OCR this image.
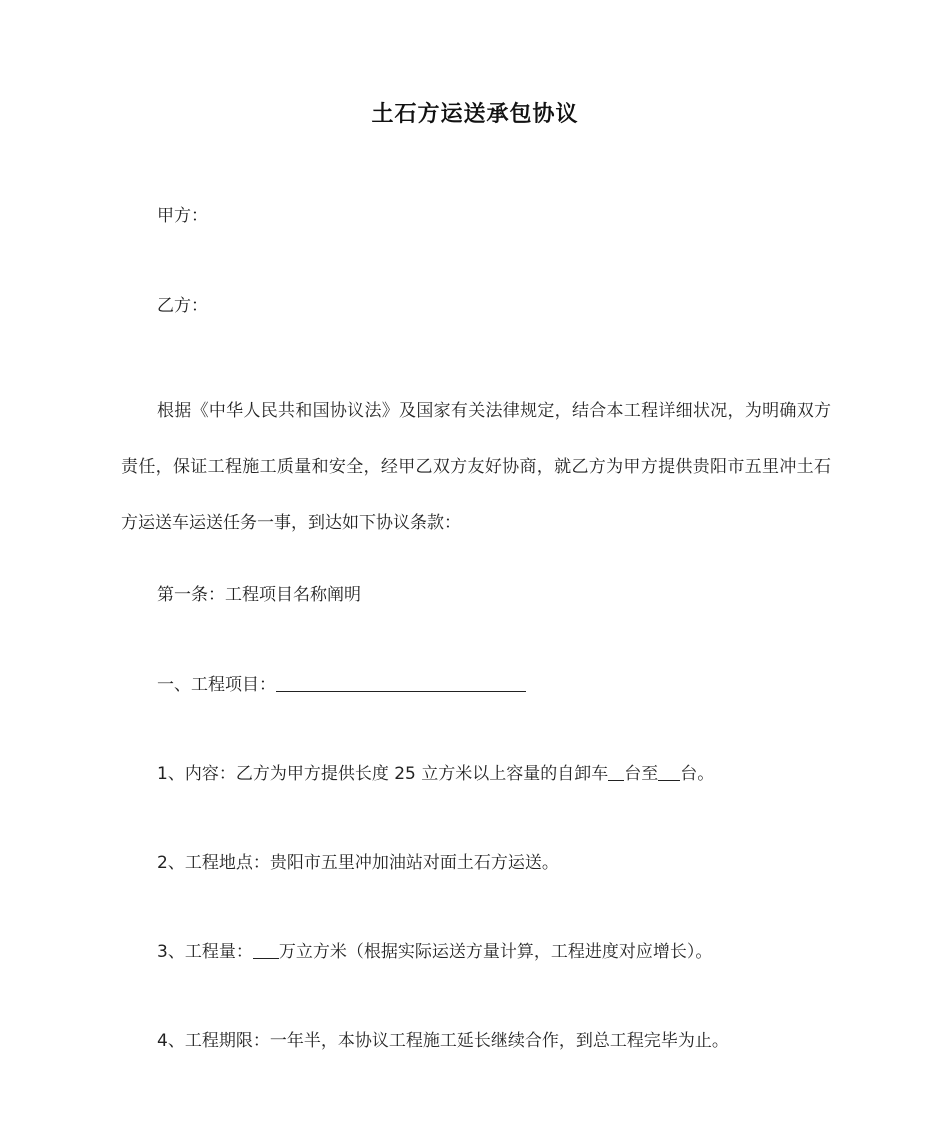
土石方运送承包协议

甲方：

乙方：

根据《中华人民共和国协议法》及国家有关法律规定，结合本工程详细状况，为明确双方责任，保证工程施工质量和安全，经甲乙双方友好协商，就乙方为甲方提供贵阳市五里冲土石方运送车运送任务一事，到达如下协议条款：

第一条：工程项目名称阐明

一、工程项目：

1、内容：乙方为甲方提供长度 25 立方米以上容量的自卸车 台至 台。

2、工程地点：贵阳市五里冲加油站对面土石方运送。

3、工程量： 万立方米（根据实际运送方量计算，工程进度对应增长）。

4、工程期限：一年半，本协议工程施工延长继续合作，到总工程完毕为止。
